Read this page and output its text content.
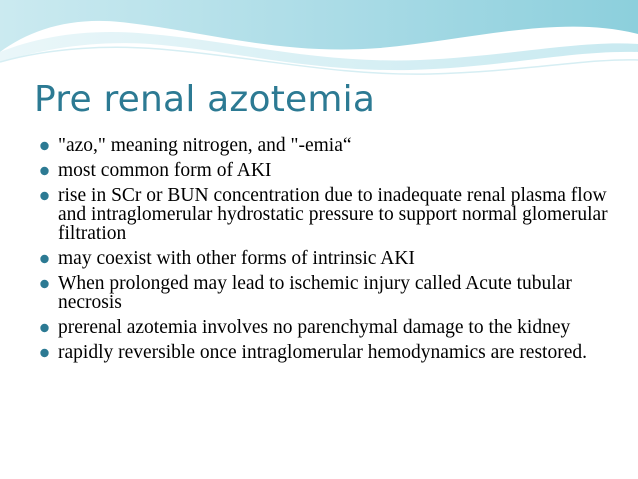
Pre renal azotemia
"azo," meaning nitrogen, and "-emia“
most common form of AKI
rise in SCr or BUN concentration due to inadequate renal plasma flow and intraglomerular hydrostatic pressure to support normal glomerular filtration
may coexist with other forms of intrinsic AKI
When prolonged may lead to ischemic injury called Acute tubular necrosis
prerenal azotemia involves no parenchymal damage to the kidney
rapidly reversible once intraglomerular hemodynamics are restored.
